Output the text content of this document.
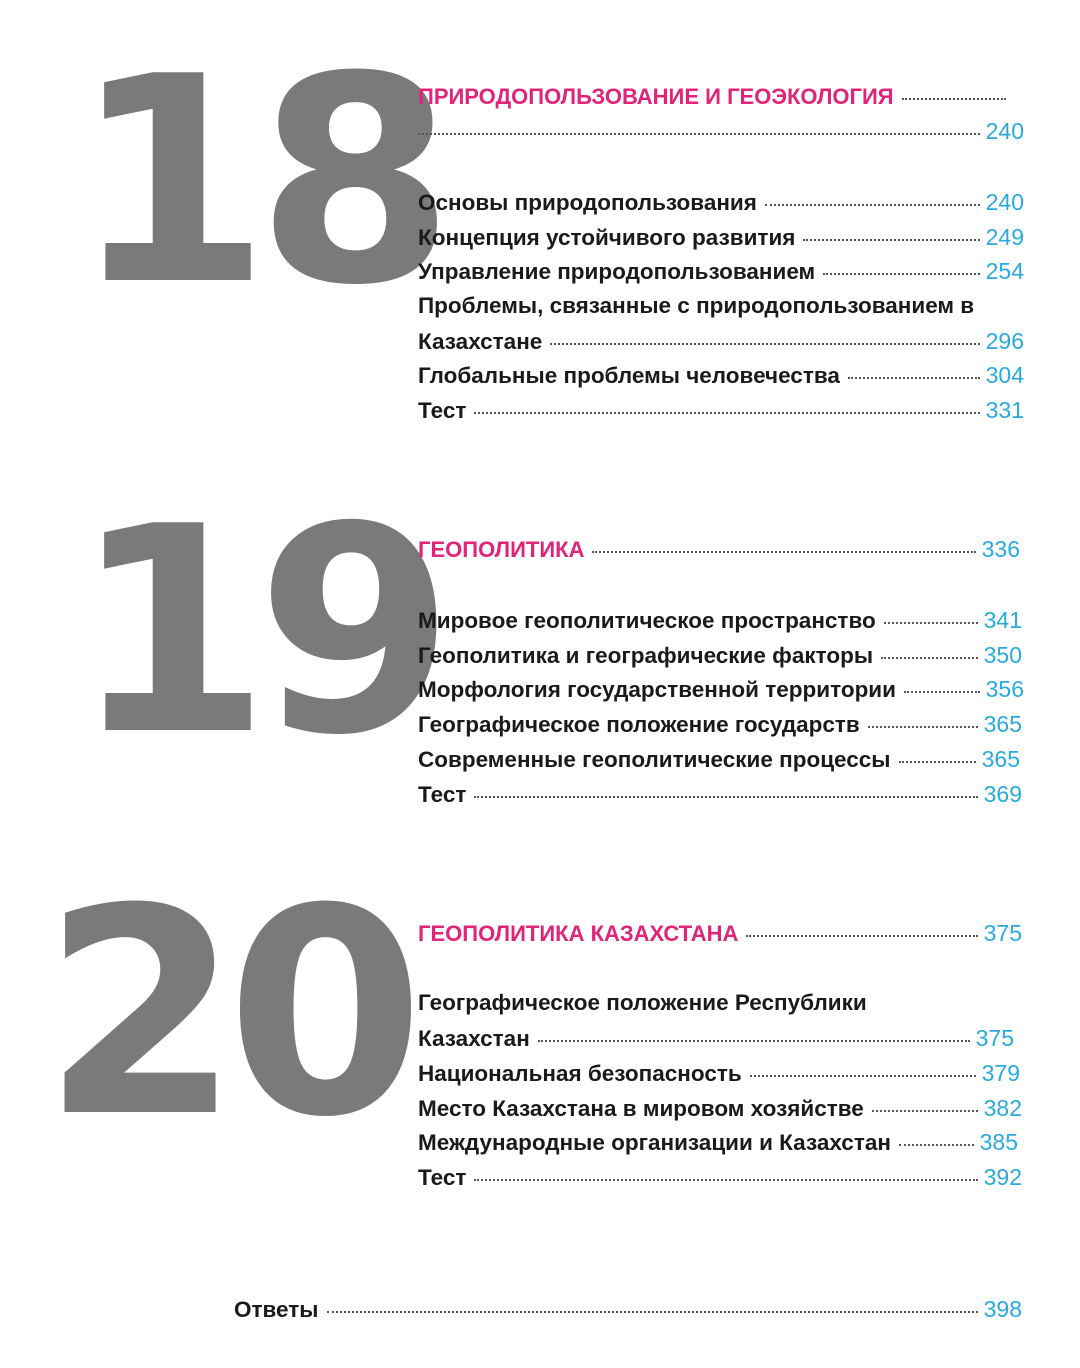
18
ПРИРОДОПОЛЬЗОВАНИЕ И ГЕОЭКОЛОГИЯ
240
Основы природопользования	240
Концепция устойчивого развития	249
Управление природопользованием	254
Проблемы, связанные с природопользованием в
Казахстане	296
Глобальные проблемы человечества	304
Тест	331
19
ГЕОПОЛИТИКА	336
Мировое геополитическое пространство	341
Геополитика и географические факторы	350
Морфология государственной территории	356
Географическое положение государств	365
Современные геополитические процессы	365
Тест	369
20 ГЕОПОЛИТИКА КАЗАХСТАНА	375
Географическое положение Республики
Казахстан	375
Национальная безопасность	379
Место Казахстана в мировом хозяйстве	382
Международные организации и Казахстан	385
Тест	392
Ответы	398
